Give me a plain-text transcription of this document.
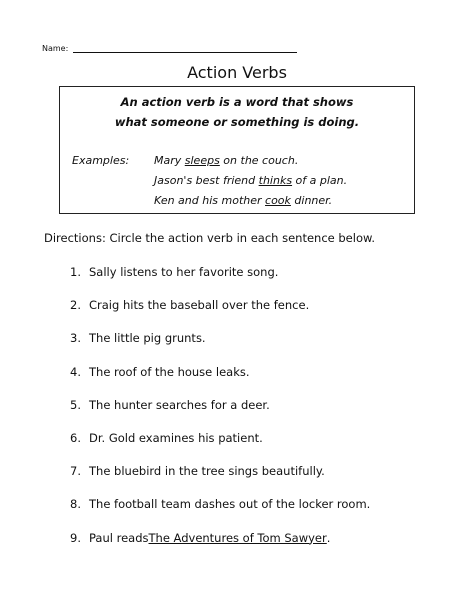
Name:
Action Verbs
An action verb is a word that shows
what someone or something is doing.
Examples: Mary sleeps on the couch.
Jason's best friend thinks of a plan.
Ken and his mother cook dinner.
Directions: Circle the action verb in each sentence below.
1. Sally listens to her favorite song.
2. Craig hits the baseball over the fence.
3. The little pig grunts.
4. The roof of the house leaks.
5. The hunter searches for a deer.
6. Dr. Gold examines his patient.
7. The bluebird in the tree sings beautifully.
8. The football team dashes out of the locker room.
9. Paul reads The Adventures of Tom Sawyer .
